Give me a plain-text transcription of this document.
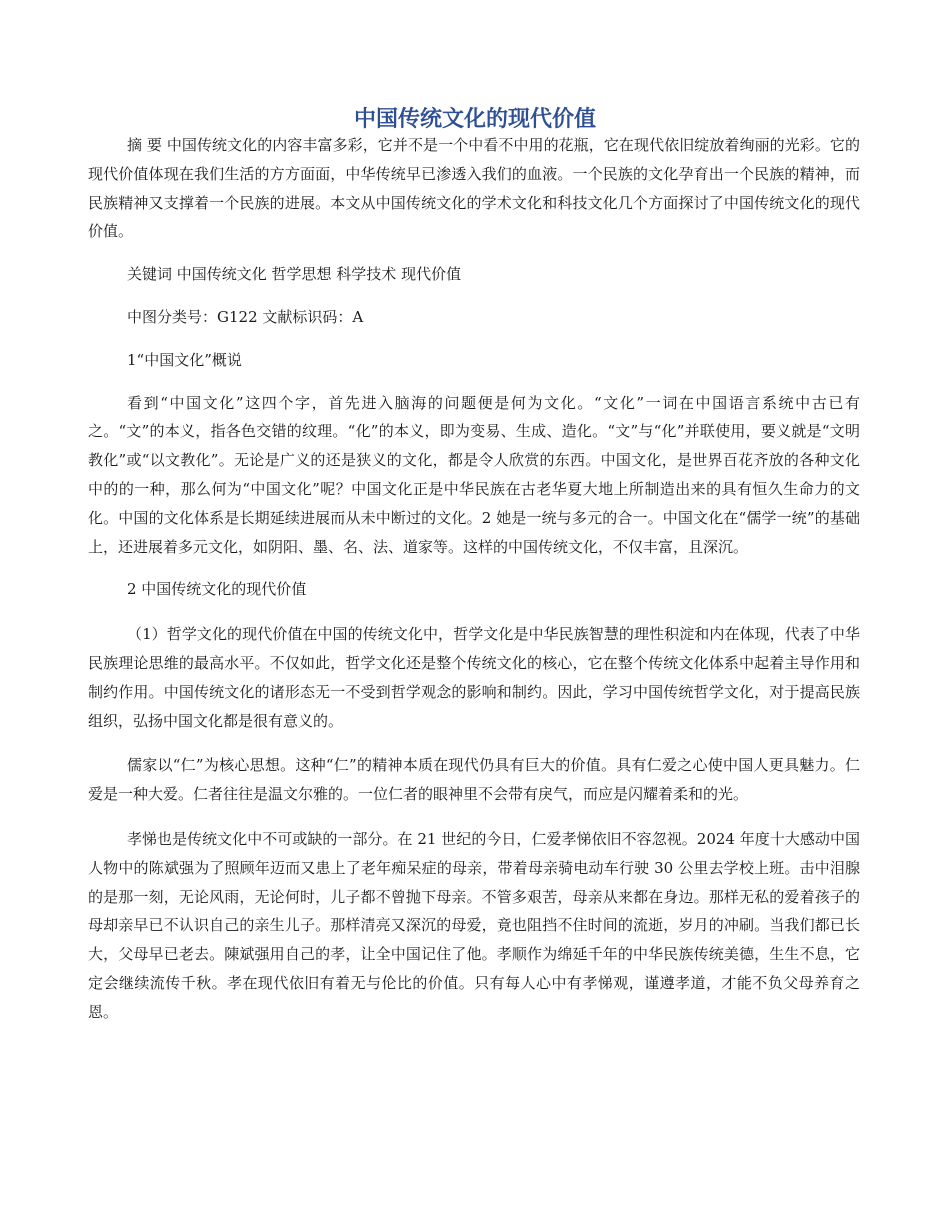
中国传统文化的现代价值

摘 要 中国传统文化的内容丰富多彩，它并不是一个中看不中用的花瓶，它在现代依旧绽放着绚丽的光彩。它的现代价值体现在我们生活的方方面面，中华传统早已渗透入我们的血液。一个民族的文化孕育出一个民族的精神，而民族精神又支撑着一个民族的进展。本文从中国传统文化的学术文化和科技文化几个方面探讨了中国传统文化的现代价值。

关键词 中国传统文化 哲学思想 科学技术 现代价值

中图分类号：G122 文献标识码：A

1“中国文化”概说

看到“中国文化”这四个字，首先进入脑海的问题便是何为文化。“文化”一词在中国语言系统中古已有之。“文”的本义，指各色交错的纹理。“化”的本义，即为变易、生成、造化。“文”与“化”并联使用，要义就是“文明教化”或“以文教化”。无论是广义的还是狭义的文化，都是令人欣赏的东西。中国文化，是世界百花齐放的各种文化中的的一种，那么何为“中国文化”呢？中国文化正是中华民族在古老华夏大地上所制造出来的具有恒久生命力的文化。中国的文化体系是长期延续进展而从未中断过的文化。2 她是一统与多元的合一。中国文化在“儒学一统”的基础上，还进展着多元文化，如阴阳、墨、名、法、道家等。这样的中国传统文化，不仅丰富，且深沉。

2 中国传统文化的现代价值

（1）哲学文化的现代价值在中国的传统文化中，哲学文化是中华民族智慧的理性积淀和内在体现，代表了中华民族理论思维的最高水平。不仅如此，哲学文化还是整个传统文化的核心，它在整个传统文化体系中起着主导作用和制约作用。中国传统文化的诸形态无一不受到哲学观念的影响和制约。因此，学习中国传统哲学文化，对于提高民族组织，弘扬中国文化都是很有意义的。

儒家以“仁”为核心思想。这种“仁”的精神本质在现代仍具有巨大的价值。具有仁爱之心使中国人更具魅力。仁爱是一种大爱。仁者往往是温文尔雅的。一位仁者的眼神里不会带有戾气，而应是闪耀着柔和的光。

孝悌也是传统文化中不可或缺的一部分。在 21 世纪的今日，仁爱孝悌依旧不容忽视。2024 年度十大感动中国人物中的陈斌强为了照顾年迈而又患上了老年痴呆症的母亲，带着母亲骑电动车行驶 30 公里去学校上班。击中泪腺的是那一刻，无论风雨，无论何时，儿子都不曾抛下母亲。不管多艰苦，母亲从来都在身边。那样无私的爱着孩子的母却亲早已不认识自己的亲生儿子。那样清亮又深沉的母爱，竟也阻挡不住时间的流逝，岁月的冲刷。当我们都已长大，父母早已老去。陳斌强用自己的孝，让全中国记住了他。孝顺作为绵延千年的中华民族传统美德，生生不息，它定会继续流传千秋。孝在现代依旧有着无与伦比的价值。只有每人心中有孝悌观，谨遵孝道，才能不负父母养育之恩。
